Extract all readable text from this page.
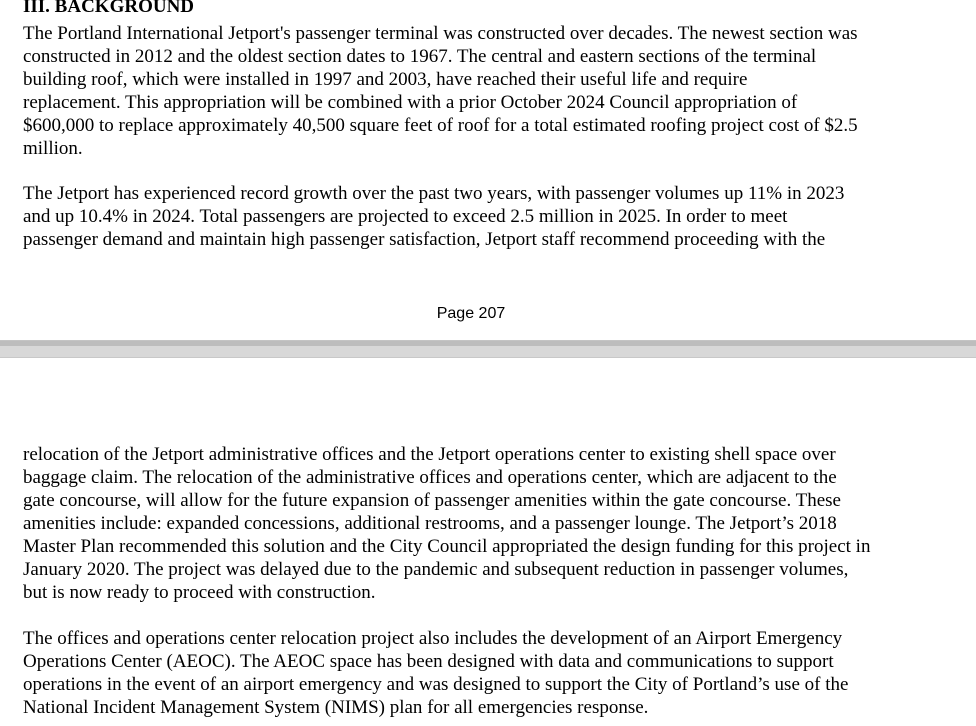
III. BACKGROUND

The Portland International Jetport's passenger terminal was constructed over decades. The newest section was
constructed in 2012 and the oldest section dates to 1967. The central and eastern sections of the terminal
building roof, which were installed in 1997 and 2003, have reached their useful life and require
replacement. This appropriation will be combined with a prior October 2024 Council appropriation of
$600,000 to replace approximately 40,500 square feet of roof for a total estimated roofing project cost of $2.5
million.

The Jetport has experienced record growth over the past two years, with passenger volumes up 11% in 2023
and up 10.4% in 2024. Total passengers are projected to exceed 2.5 million in 2025. In order to meet
passenger demand and maintain high passenger satisfaction, Jetport staff recommend proceeding with the

Page 207

relocation of the Jetport administrative offices and the Jetport operations center to existing shell space over
baggage claim. The relocation of the administrative offices and operations center, which are adjacent to the
gate concourse, will allow for the future expansion of passenger amenities within the gate concourse. These
amenities include: expanded concessions, additional restrooms, and a passenger lounge. The Jetport’s 2018
Master Plan recommended this solution and the City Council appropriated the design funding for this project in
January 2020. The project was delayed due to the pandemic and subsequent reduction in passenger volumes,
but is now ready to proceed with construction.

The offices and operations center relocation project also includes the development of an Airport Emergency
Operations Center (AEOC). The AEOC space has been designed with data and communications to support
operations in the event of an airport emergency and was designed to support the City of Portland’s use of the
National Incident Management System (NIMS) plan for all emergencies response.
